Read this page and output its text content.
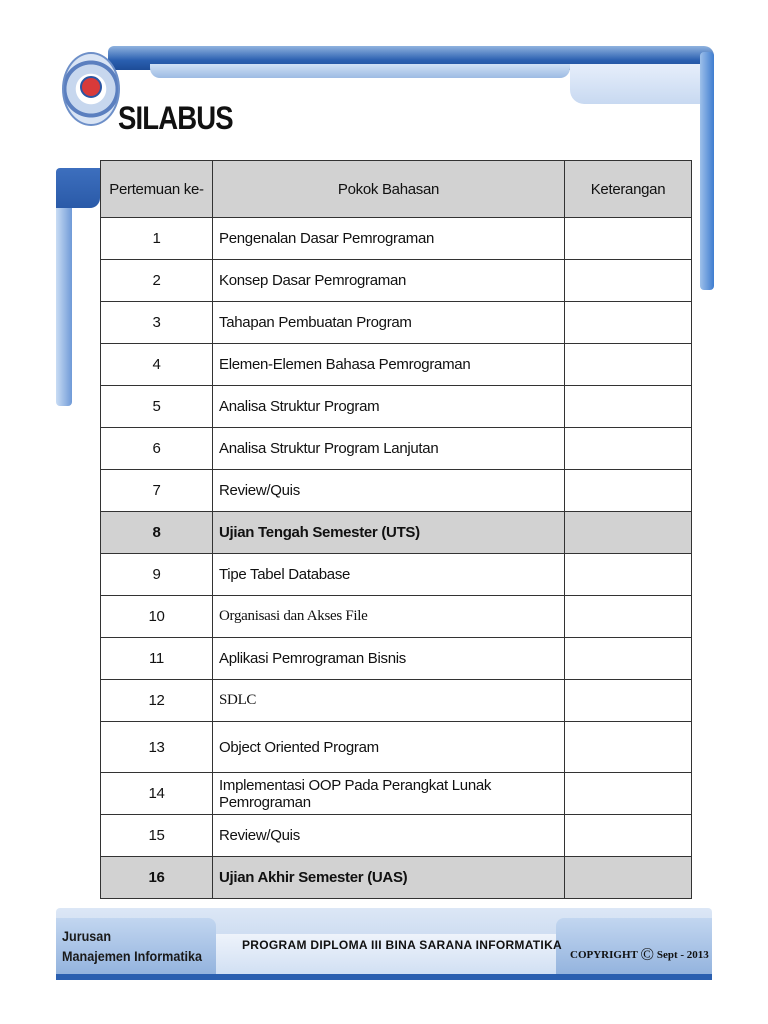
SILABUS
Pertemuan ke-	Pokok Bahasan	Keterangan
1	Pengenalan Dasar Pemrograman	
2	Konsep Dasar Pemrograman	
3	Tahapan Pembuatan Program	
4	Elemen-Elemen Bahasa Pemrograman	
5	Analisa Struktur Program	
6	Analisa Struktur Program Lanjutan	
7	Review/Quis	
8	Ujian Tengah Semester (UTS)	
9	Tipe Tabel Database	
10	Organisasi dan Akses File	
11	Aplikasi Pemrograman Bisnis	
12	SDLC	
13	Object Oriented Program	
14	Implementasi OOP Pada Perangkat Lunak Pemrograman	
15	Review/Quis	
16	Ujian Akhir Semester (UAS)	
Jurusan
Manajemen Informatika
PROGRAM DIPLOMA III BINA SARANA INFORMATIKA
COPYRIGHT © Sept - 2013
